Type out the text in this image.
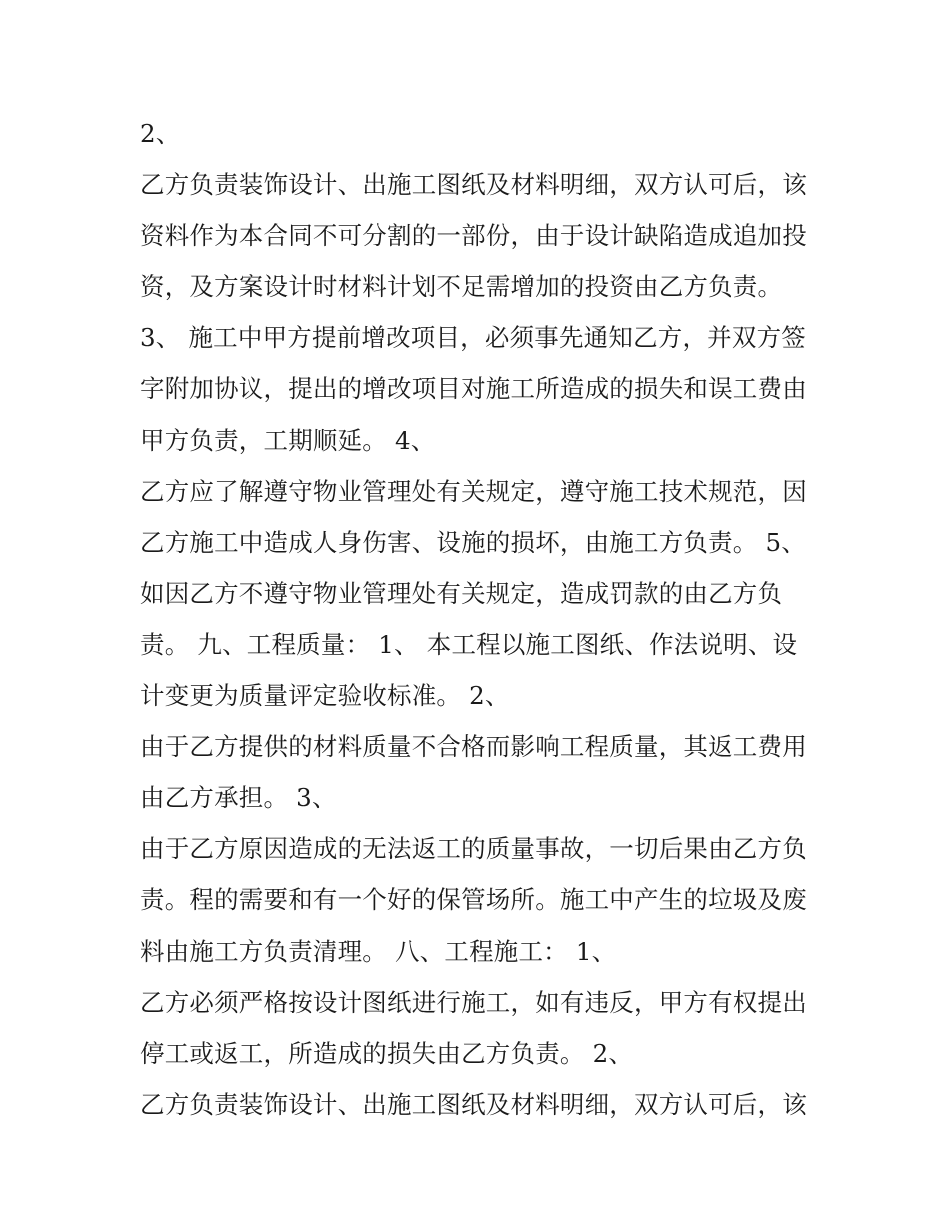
2、
乙方负责装饰设计、出施工图纸及材料明细，双方认可后，该
资料作为本合同不可分割的一部份，由于设计缺陷造成追加投
资，及方案设计时材料计划不足需增加的投资由乙方负责。
3、 施工中甲方提前增改项目，必须事先通知乙方，并双方签
字附加协议，提出的增改项目对施工所造成的损失和误工费由
甲方负责，工期顺延。 4、
乙方应了解遵守物业管理处有关规定，遵守施工技术规范，因
乙方施工中造成人身伤害、设施的损坏，由施工方负责。 5、
如因乙方不遵守物业管理处有关规定，造成罚款的由乙方负
责。 九、工程质量： 1、 本工程以施工图纸、作法说明、设
计变更为质量评定验收标准。 2、
由于乙方提供的材料质量不合格而影响工程质量，其返工费用
由乙方承担。 3、
由于乙方原因造成的无法返工的质量事故，一切后果由乙方负
责。程的需要和有一个好的保管场所。施工中产生的垃圾及废
料由施工方负责清理。 八、工程施工： 1、
乙方必须严格按设计图纸进行施工，如有违反，甲方有权提出
停工或返工，所造成的损失由乙方负责。 2、
乙方负责装饰设计、出施工图纸及材料明细，双方认可后，该
